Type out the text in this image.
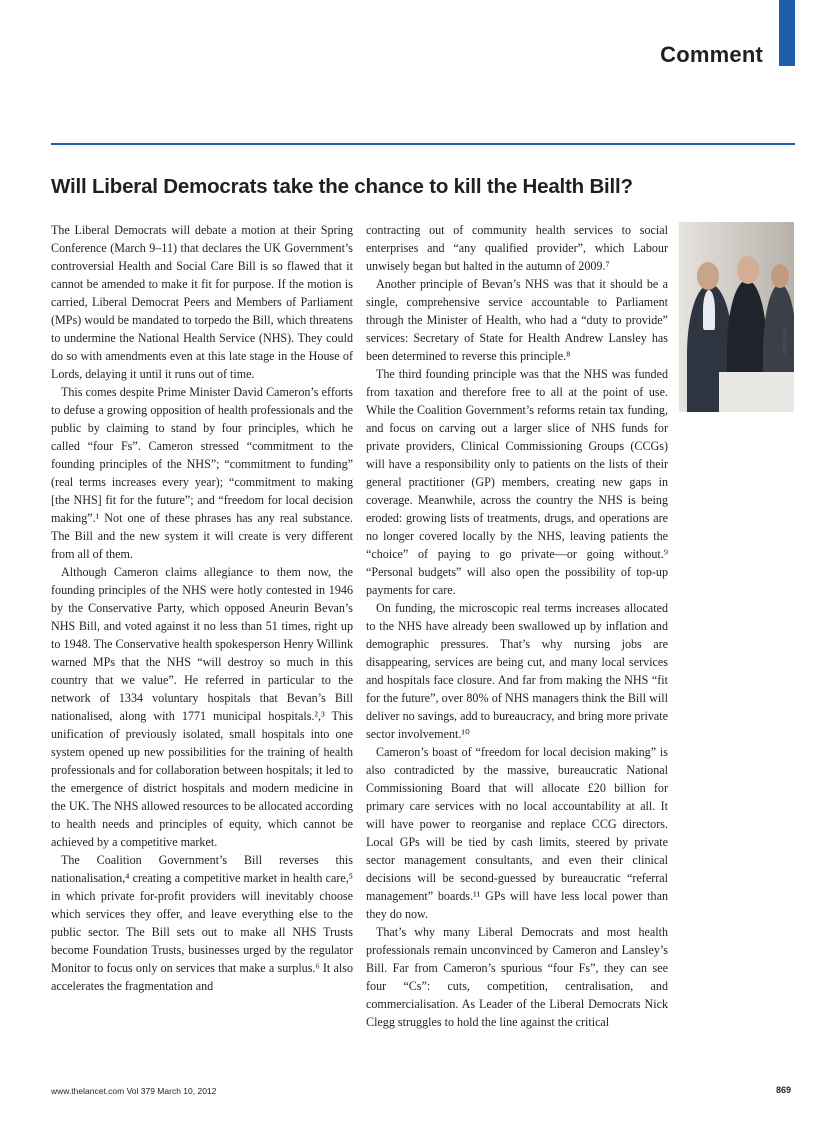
Comment
Will Liberal Democrats take the chance to kill the Health Bill?

The Liberal Democrats will debate a motion at their Spring Conference (March 9–11) that declares the UK Government’s controversial Health and Social Care Bill is so flawed that it cannot be amended to make it fit for purpose. If the motion is carried, Liberal Democrat Peers and Members of Parliament (MPs) would be mandated to torpedo the Bill, which threatens to undermine the National Health Service (NHS). They could do so with amendments even at this late stage in the House of Lords, delaying it until it runs out of time.

This comes despite Prime Minister David Cameron’s efforts to defuse a growing opposition of health professionals and the public by claiming to stand by four principles, which he called “four Fs”. Cameron stressed “commitment to the founding principles of the NHS”; “commitment to funding” (real terms increases every year); “commitment to making [the NHS] fit for the future”; and “freedom for local decision making”.¹ Not one of these phrases has any real substance. The Bill and the new system it will create is very different from all of them.

Although Cameron claims allegiance to them now, the founding principles of the NHS were hotly contested in 1946 by the Conservative Party, which opposed Aneurin Bevan’s NHS Bill, and voted against it no less than 51 times, right up to 1948. The Conservative health spokesperson Henry Willink warned MPs that the NHS “will destroy so much in this country that we value”. He referred in particular to the network of 1334 voluntary hospitals that Bevan’s Bill nationalised, along with 1771 municipal hospitals.²,³ This unification of previously isolated, small hospitals into one system opened up new possibilities for the training of health professionals and for collaboration between hospitals; it led to the emergence of district hospitals and modern medicine in the UK. The NHS allowed resources to be allocated according to health needs and principles of equity, which cannot be achieved by a competitive market.

The Coalition Government’s Bill reverses this nationalisation,⁴ creating a competitive market in health care,⁵ in which private for-profit providers will inevitably choose which services they offer, and leave everything else to the public sector. The Bill sets out to make all NHS Trusts become Foundation Trusts, businesses urged by the regulator Monitor to focus only on services that make a surplus.⁶ It also accelerates the fragmentation and

contracting out of community health services to social enterprises and “any qualified provider”, which Labour unwisely began but halted in the autumn of 2009.⁷

Another principle of Bevan’s NHS was that it should be a single, comprehensive service accountable to Parliament through the Minister of Health, who had a “duty to provide” services: Secretary of State for Health Andrew Lansley has been determined to reverse this principle.⁸

The third founding principle was that the NHS was funded from taxation and therefore free to all at the point of use. While the Coalition Government’s reforms retain tax funding, and focus on carving out a larger slice of NHS funds for private providers, Clinical Commissioning Groups (CCGs) will have a responsibility only to patients on the lists of their general practitioner (GP) members, creating new gaps in coverage. Meanwhile, across the country the NHS is being eroded: growing lists of treatments, drugs, and operations are no longer covered locally by the NHS, leaving patients the “choice” of paying to go private—or going without.⁹ “Personal budgets” will also open the possibility of top-up payments for care.

On funding, the microscopic real terms increases allocated to the NHS have already been swallowed up by inflation and demographic pressures. That’s why nursing jobs are disappearing, services are being cut, and many local services and hospitals face closure. And far from making the NHS “fit for the future”, over 80% of NHS managers think the Bill will deliver no savings, add to bureaucracy, and bring more private sector involvement.¹⁰

Cameron’s boast of “freedom for local decision making” is also contradicted by the massive, bureaucratic National Commissioning Board that will allocate £20 billion for primary care services with no local accountability at all. It will have power to reorganise and replace CCG directors. Local GPs will be tied by cash limits, steered by private sector management consultants, and even their clinical decisions will be second-guessed by bureaucratic “referral management” boards.¹¹ GPs will have less local power than they do now.

That’s why many Liberal Democrats and most health professionals remain unconvinced by Cameron and Lansley’s Bill. Far from Cameron’s spurious “four Fs”, they can see four “Cs”: cuts, competition, centralisation, and commercialisation. As Leader of the Liberal Democrats Nick Clegg struggles to hold the line against the critical

Getty Images
www.thelancet.com Vol 379 March 10, 2012	869
